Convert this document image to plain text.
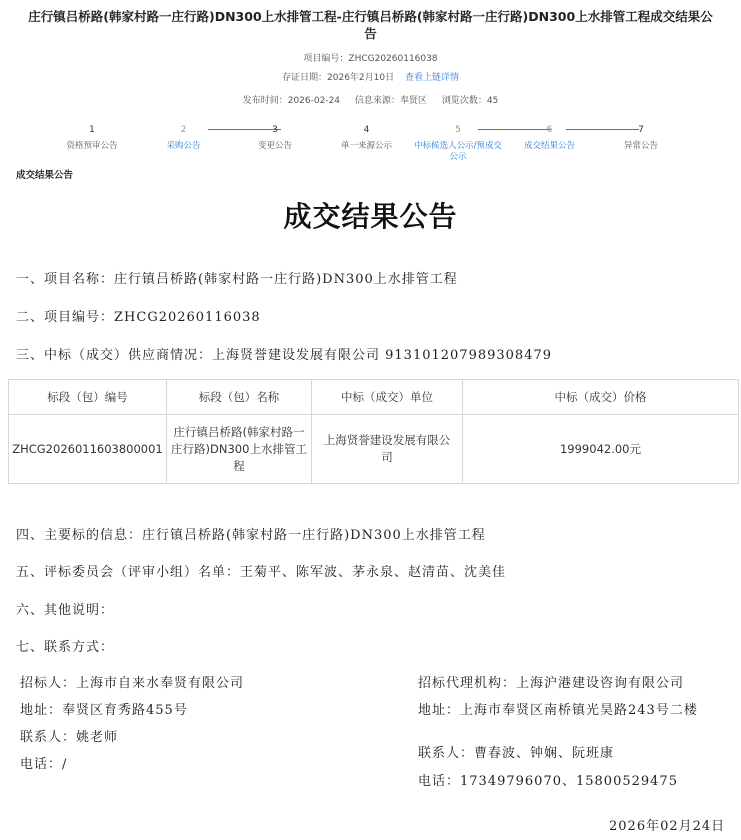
庄行镇吕桥路(韩家村路一庄行路)DN300上水排管工程-庄行镇吕桥路(韩家村路一庄行路)DN300上水排管工程成交结果公告
项目编号：ZHCG20260116038
存证日期：2026年2月10日 查看上链详情
发布时间：2026-02-24 信息来源：奉贤区 浏览次数：45
1
资格预审公告
2
采购公告
3
变更公告
4
单一来源公示
5
中标候选人公示/预成交公示
6
成交结果公告
7
异常公告
成交结果公告
成交结果公告
一、项目名称：庄行镇吕桥路(韩家村路一庄行路)DN300上水排管工程
二、项目编号：ZHCG20260116038
三、中标（成交）供应商情况：上海贤誉建设发展有限公司 91310120798930847​9
标段（包）编号	标段（包）名称	中标（成交）单位	中标（成交）价格
ZHCG2026011603800001	庄行镇吕桥路(韩家村路一庄行路)DN300上水排管工程	上海贤誉建设发展有限公司	1999042.00元
四、主要标的信息：庄行镇吕桥路(韩家村路一庄行路)DN300上水排管工程
五、评标委员会（评审小组）名单：王菊平、陈军波、茅永泉、赵清苗、沈美佳
六、其他说明：
七、联系方式：
招标人：上海市自来水奉贤有限公司
地址：奉贤区育秀路455号
联系人：姚老师
电话：/
招标代理机构：上海沪港建设咨询有限公司
地址：上海市奉贤区南桥镇光昊路243号二楼
联系人：曹春波、钟娴、阮班康
电话：17349796070、15800529475
2026年02月24日
